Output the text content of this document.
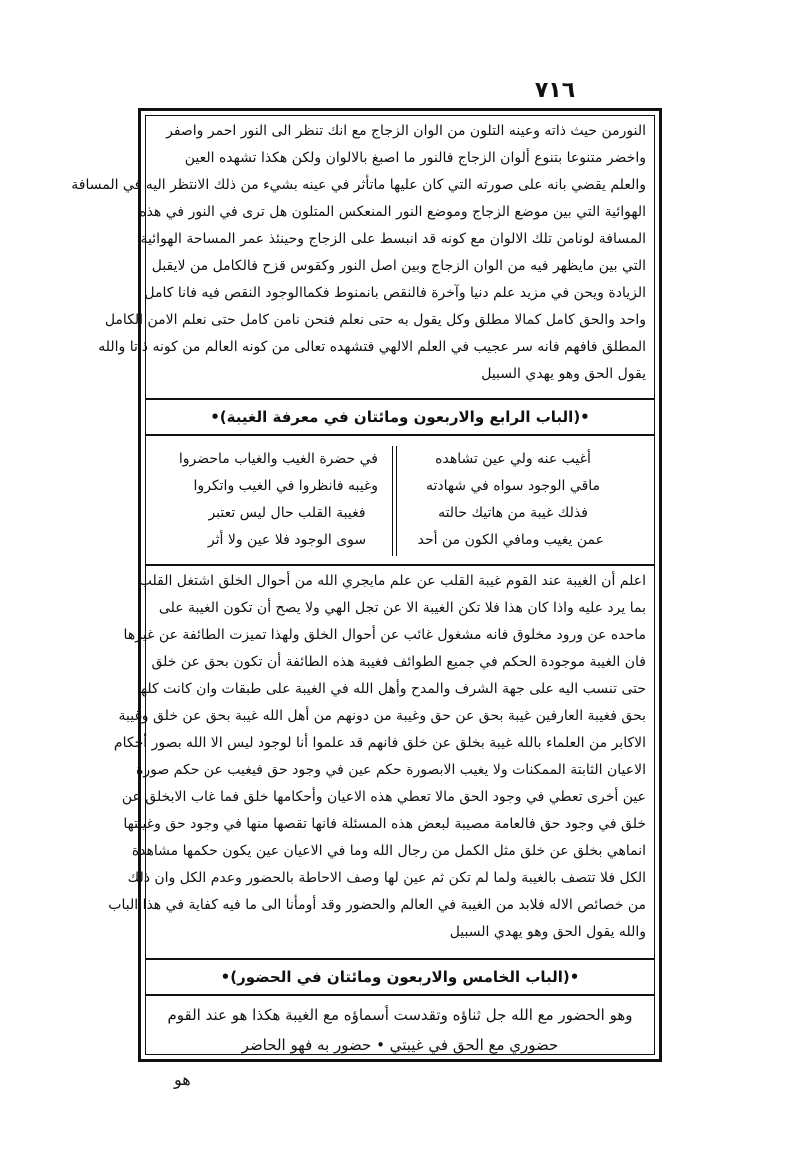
٧١٦

النورمن حيث ذاته وعينه التلون من الوان الزجاج مع انك تنظر الى النور احمر واصفر

واخضر متنوعا بتنوع ألوان الزجاج فالنور ما اصبغ بالالوان ولكن هكذا تشهده العين

والعلم يقضي بانه على صورته التي كان عليها ماتأثر في عينه بشيء من ذلك الانتظر اليه في المسافة

الهوائية التي بين موضع الزجاج وموضع النور المنعكس المتلون هل ترى في النور في هذه

المسافة لونامن تلك الالوان مع كونه قد انبسط على الزجاج وحينئذ عمر المساحة الهوائية

التي بين مايظهر فيه من الوان الزجاج وبين اصل النور وكقوس قزح فالكامل من لايقبل

الزيادة ويحن في مزيد علم دنيا وآخرة فالنقص بانمنوط فكماالوجود النقص فيه فانا كامل

واحد والحق كامل كمالا مطلق وكل يقول به حتى نعلم فنحن نامن كامل حتى نعلم الامن الكامل

المطلق فافهم فانه سر عجيب في العلم الالهي فتشهده تعالى من كونه العالم من كونه ذاتا والله

يقول الحق وهو يهدي السبيل

•(الباب الرابع والاربعون ومائتان في معرفة الغيبة)•

أغيب عنه ولي عين تشاهده

ماقي الوجود سواه في شهادته

فذلك غيبة من هاتيك حالته

عمن يغيب ومافي الكون من أحد

في حضرة الغيب والغياب ماحضروا

وغيبه فانظروا في الغيب واتكروا

فغيبة القلب حال ليس تعتبر

سوى الوجود فلا عين ولا أثر

اعلم أن الغيبة عند القوم غيبة القلب عن علم مايجري الله من أحوال الخلق اشتغل القلب

بما يرد عليه واذا كان هذا فلا تكن الغيبة الا عن تجل الهي ولا يصح أن تكون الغيبة على

ماحده عن ورود مخلوق فانه مشغول غائب عن أحوال الخلق ولهذا تميزت الطائفة عن غيرها

فان الغيبة موجودة الحكم في جميع الطوائف فغيبة هذه الطائفة أن تكون بحق عن خلق

حتى تنسب اليه على جهة الشرف والمدح وأهل الله في الغيبة على طبقات وان كانت كلها

بحق فغيبة العارفين غيبة بحق عن حق وغيبة من دونهم من أهل الله غيبة بحق عن خلق وغيبة

الاكابر من العلماء بالله غيبة بخلق عن خلق فانهم قد علموا أنا لوجود ليس الا الله بصور أحكام

الاعيان الثابتة الممكنات ولا يغيب الابصورة حكم عين في وجود حق فيغيب عن حكم صورة

عين أخرى تعطي في وجود الحق مالا تعطي هذه الاعيان وأحكامها خلق فما غاب الابخلق عن

خلق في وجود حق فالعامة مصيبة لبعض هذه المسئلة فانها تقصها منها في وجود حق وغيبتها

انماهي بخلق عن خلق مثل الكمل من رجال الله وما في الاعيان عين يكون حكمها مشاهدة

الكل فلا تتصف بالغيبة ولما لم تكن ثم عين لها وصف الاحاطة بالحضور وعدم الكل وان ذلك

من خصائص الاله فلابد من الغيبة في العالم والحضور وقد أومأنا الى ما فيه كفاية في هذا الباب

والله يقول الحق وهو يهدي السبيل

•(الباب الخامس والاربعون ومائتان في الحضور)•

وهو الحضور مع الله جل ثناؤه وتقدست أسماؤه مع الغيبة هكذا هو عند القوم

حضوري مع الحق في غيبتي • حضور به فهو الحاضر

هو
